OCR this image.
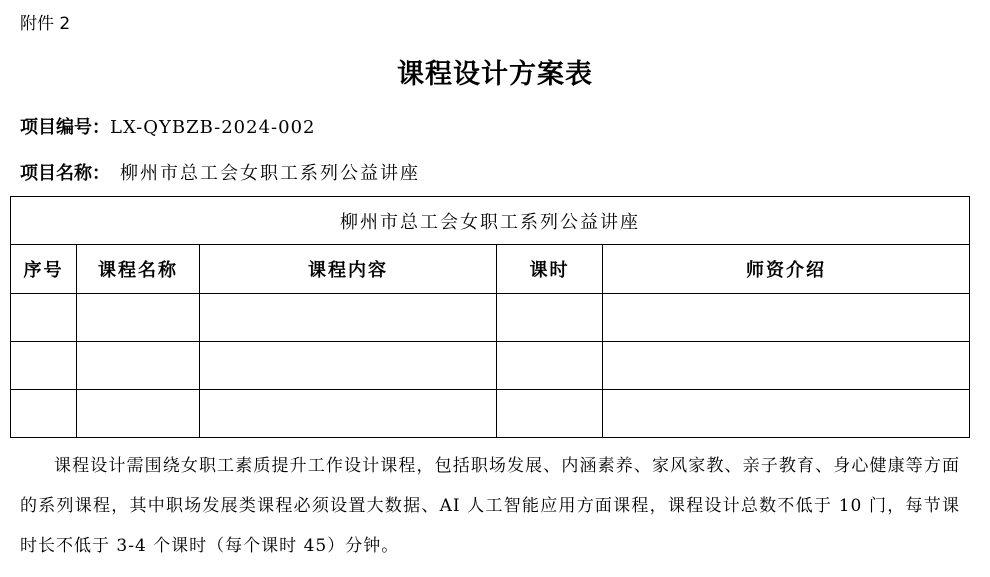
附件 2
课程设计方案表
项目编号：LX-QYBZB-2024-002
项目名称： 柳州市总工会女职工系列公益讲座
柳州市总工会女职工系列公益讲座				
序号	课程名称	课程内容	课时	师资介绍

课程设计需围绕女职工素质提升工作设计课程，包括职场发展、内涵素养、家风家教、亲子教育、身心健康等方面的系列课程，其中职场发展类课程必须设置大数据、AI 人工智能应用方面课程，课程设计总数不低于 10 门，每节课时长不低于 3-4 个课时（每个课时 45）分钟。
